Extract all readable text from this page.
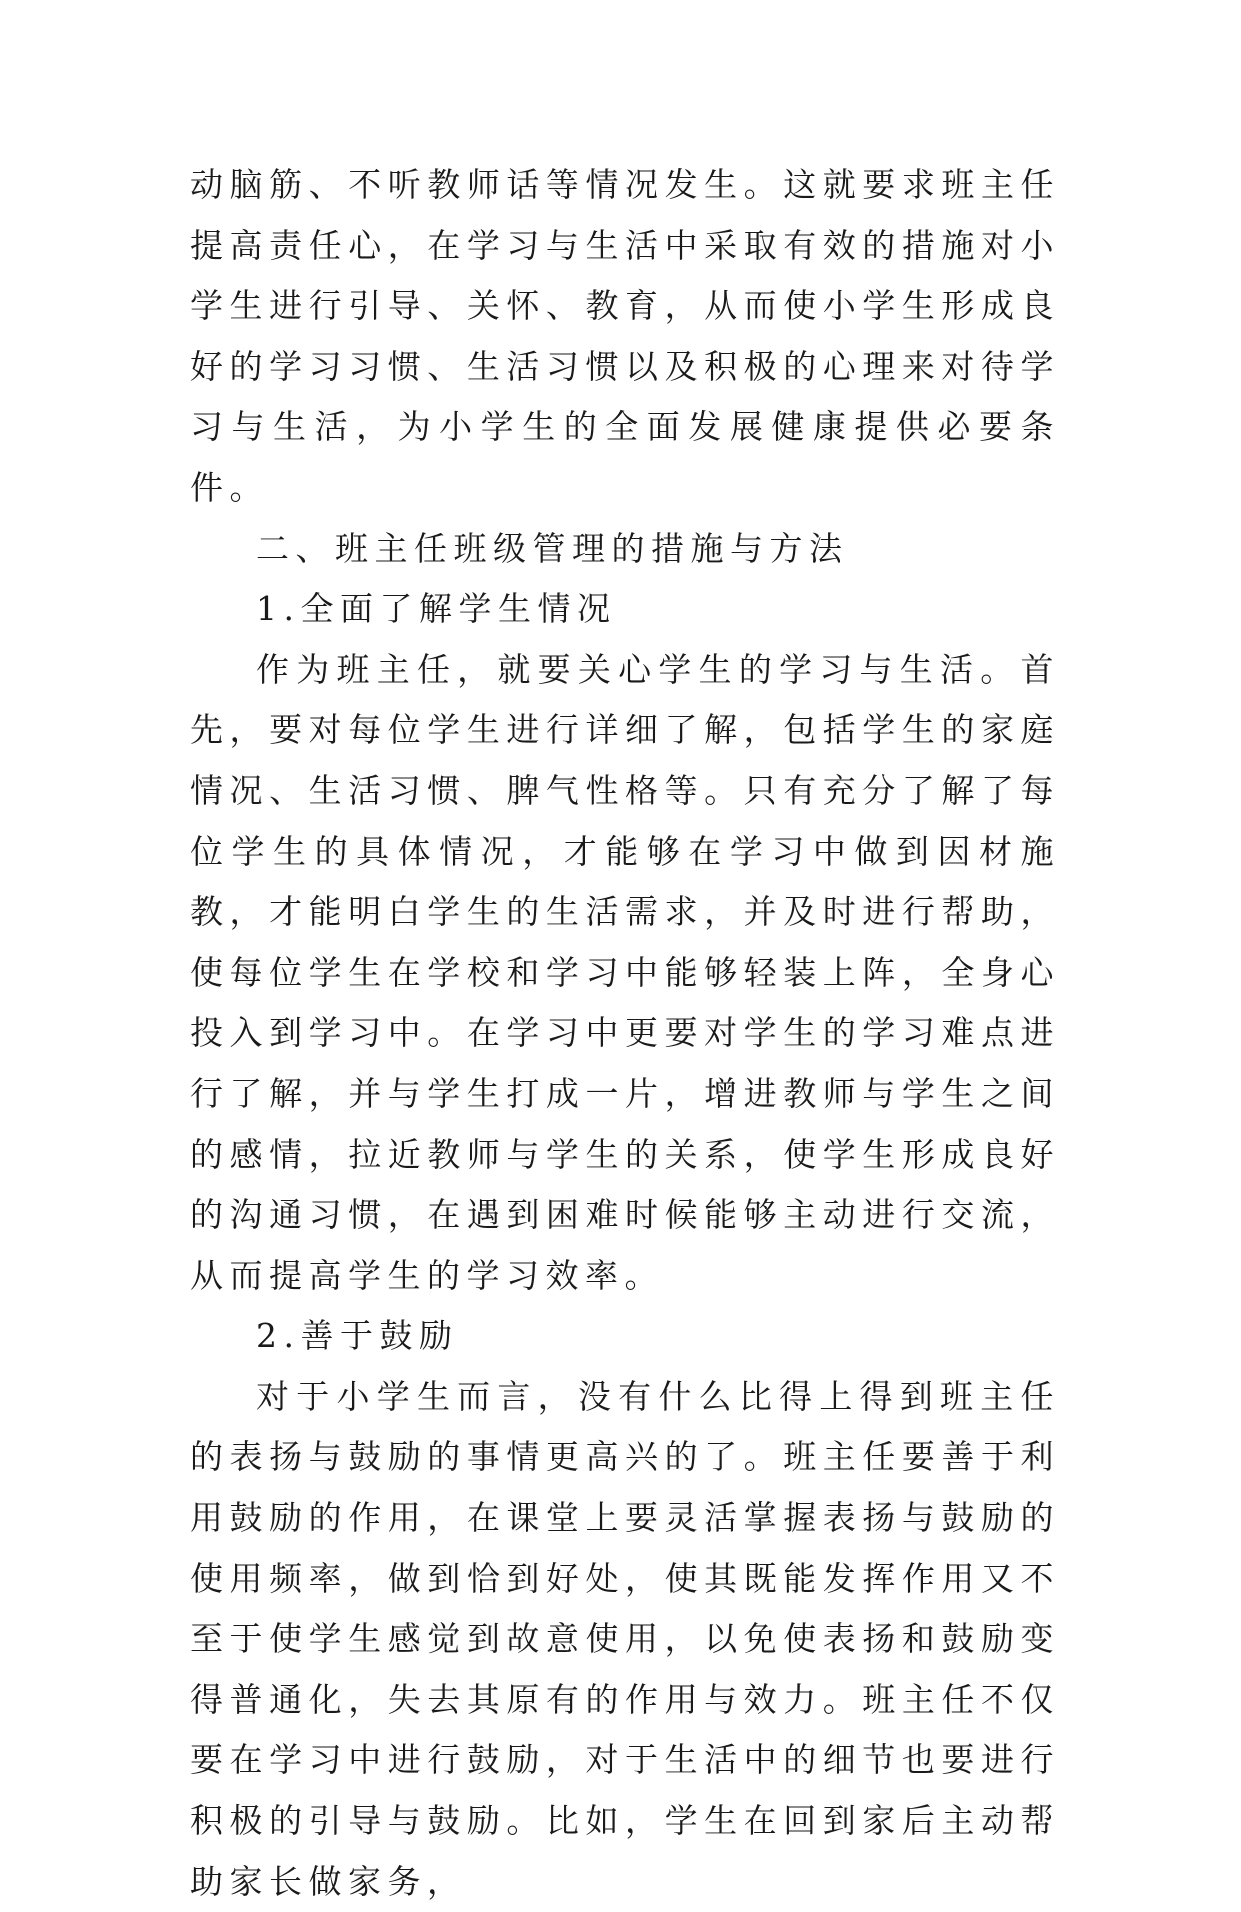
动脑筋、不听教师话等情况发生。这就要求班主任提高责任心，在学习与生活中采取有效的措施对小学生进行引导、关怀、教育，从而使小学生形成良好的学习习惯、生活习惯以及积极的心理来对待学习与生活，为小学生的全面发展健康提供必要条件。

二、班主任班级管理的措施与方法

1.全面了解学生情况

作为班主任，就要关心学生的学习与生活。首先，要对每位学生进行详细了解，包括学生的家庭情况、生活习惯、脾气性格等。只有充分了解了每位学生的具体情况，才能够在学习中做到因材施教，才能明白学生的生活需求，并及时进行帮助，使每位学生在学校和学习中能够轻装上阵，全身心投入到学习中。在学习中更要对学生的学习难点进行了解，并与学生打成一片，增进教师与学生之间的感情，拉近教师与学生的关系，使学生形成良好的沟通习惯，在遇到困难时候能够主动进行交流，从而提高学生的学习效率。

2.善于鼓励

对于小学生而言，没有什么比得上得到班主任的表扬与鼓励的事情更高兴的了。班主任要善于利用鼓励的作用，在课堂上要灵活掌握表扬与鼓励的使用频率，做到恰到好处，使其既能发挥作用又不至于使学生感觉到故意使用，以免使表扬和鼓励变得普通化，失去其原有的作用与效力。班主任不仅要在学习中进行鼓励，对于生活中的细节也要进行积极的引导与鼓励。比如，学生在回到家后主动帮助家长做家务，
